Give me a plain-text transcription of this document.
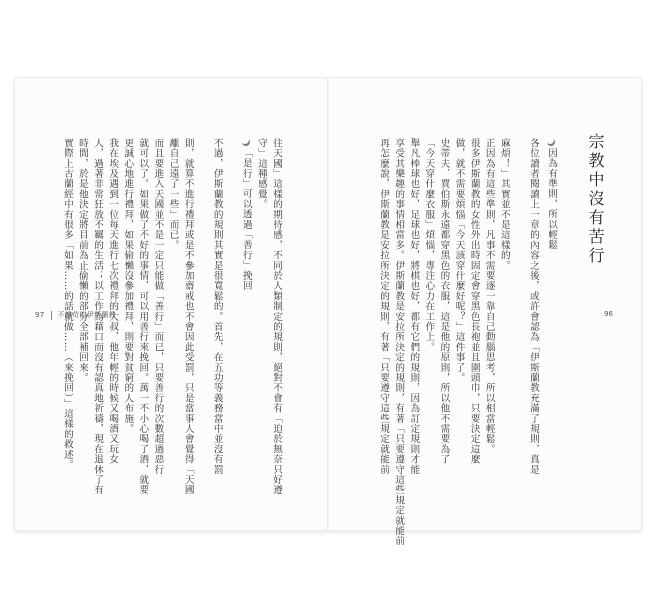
宗教中沒有苦行

因為有準則，所以輕鬆

各位讀者閱讀上一章的內容之後，或許會認為「伊斯蘭教充滿了規則，真是

麻煩！」其實並不是這樣的。

正因為有這些準則，凡事不需要逐一靠自己動腦思考，所以相當輕鬆。

很多伊斯蘭教的女性外出時固定會穿黑色長袍並且圍頭巾，只要決定這麼

做，就不需要煩惱「今天該穿什麼好呢？」這件事了。

史蒂夫．賈伯斯永遠都穿黑色的衣服，這是他的原則，所以他不需要為了

「今天穿什麼衣服」煩惱，專注心力在工作上。

舉凡棒球也好，足球也好，將棋也好，都有它們的規則，因為訂定規則才能

享受其樂趣的事情相當多。伊斯蘭教是安拉所決定的規則，有著「只要遵守這些規定就能前

再怎麼說，伊斯蘭教是安拉所決定的規則，有著「只要遵守這些規定就能前	96

往天國」這樣的期待感，不同於人類制定的規則，絕對不會有「迫於無奈只好遵

守」這種感覺。

「是行」可以透過「善行」挽回

不過，伊斯蘭教的規則其實是很寬鬆的。首先，在五功等義務當中並沒有罰

則，就算不進行禮拜或是不參加齋戒也不會因此受罰，只是當事人會覺得「天國

離自己遠了一些」而已。

而且要進入天國並不是一定只能做「善行」而已，只要善行的次數超過惡行

就可以了。如果做了不好的事情，可以用善行來挽回。萬一不小心喝了酒，就要

更誠心地進行禮拜，如果偷懶沒參加禮拜，則要對貧窮的人布施。

我在埃及遇到一位每天進行七次禮拜的大叔，他年輕的時候又喝酒又玩女

人，過著非常狂放不羈的生活；以工作為藉口而沒有認真地祈禱，現在退休了有

時間，於是他決定將目前為止偷懶的部分全部補回來。

實際上古蘭經中有很多「如果……的話就做……（來挽回）」這樣的救述。

97 不離苛的伊斯蘭教
